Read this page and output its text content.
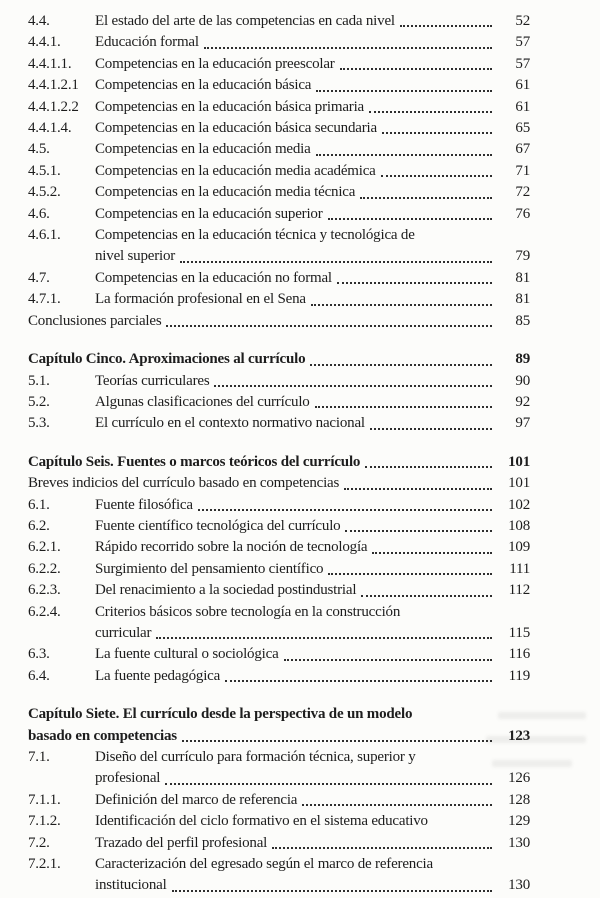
4.4.	El estado del arte de las competencias en cada nivel	52
4.4.1.	Educación formal	57
4.4.1.1.	Competencias en la educación preescolar	57
4.4.1.2.1	Competencias en la educación básica	61
4.4.1.2.2	Competencias en la educación básica primaria	61
4.4.1.4.	Competencias en la educación básica secundaria	65
4.5.	Competencias en la educación media	67
4.5.1.	Competencias en la educación media académica	71
4.5.2.	Competencias en la educación media técnica	72
4.6.	Competencias en la educación superior	76
4.6.1.	Competencias en la educación técnica y tecnológica de
nivel superior	79
4.7.	Competencias en la educación no formal	81
4.7.1.	La formación profesional en el Sena	81
Conclusiones parciales	85
Capítulo Cinco. Aproximaciones al currículo	89
5.1.	Teorías curriculares	90
5.2.	Algunas clasificaciones del currículo	92
5.3.	El currículo en el contexto normativo nacional	97
Capítulo Seis. Fuentes o marcos teóricos del currículo	101
Breves indicios del currículo basado en competencias	101
6.1.	Fuente filosófica	102
6.2.	Fuente científico tecnológica del currículo	108
6.2.1.	Rápido recorrido sobre la noción de tecnología	109
6.2.2.	Surgimiento del pensamiento científico	111
6.2.3.	Del renacimiento a la sociedad postindustrial	112
6.2.4.	Criterios básicos sobre tecnología en la construcción
curricular	115
6.3.	La fuente cultural o sociológica	116
6.4.	La fuente pedagógica	119
Capítulo Siete. El currículo desde la perspectiva de un modelo
basado en competencias	123
7.1.	Diseño del currículo para formación técnica, superior y
profesional	126
7.1.1.	Definición del marco de referencia	128
7.1.2.	Identificación del ciclo formativo en el sistema educativo	129
7.2.	Trazado del perfil profesional	130
7.2.1.	Caracterización del egresado según el marco de referencia
institucional	130
